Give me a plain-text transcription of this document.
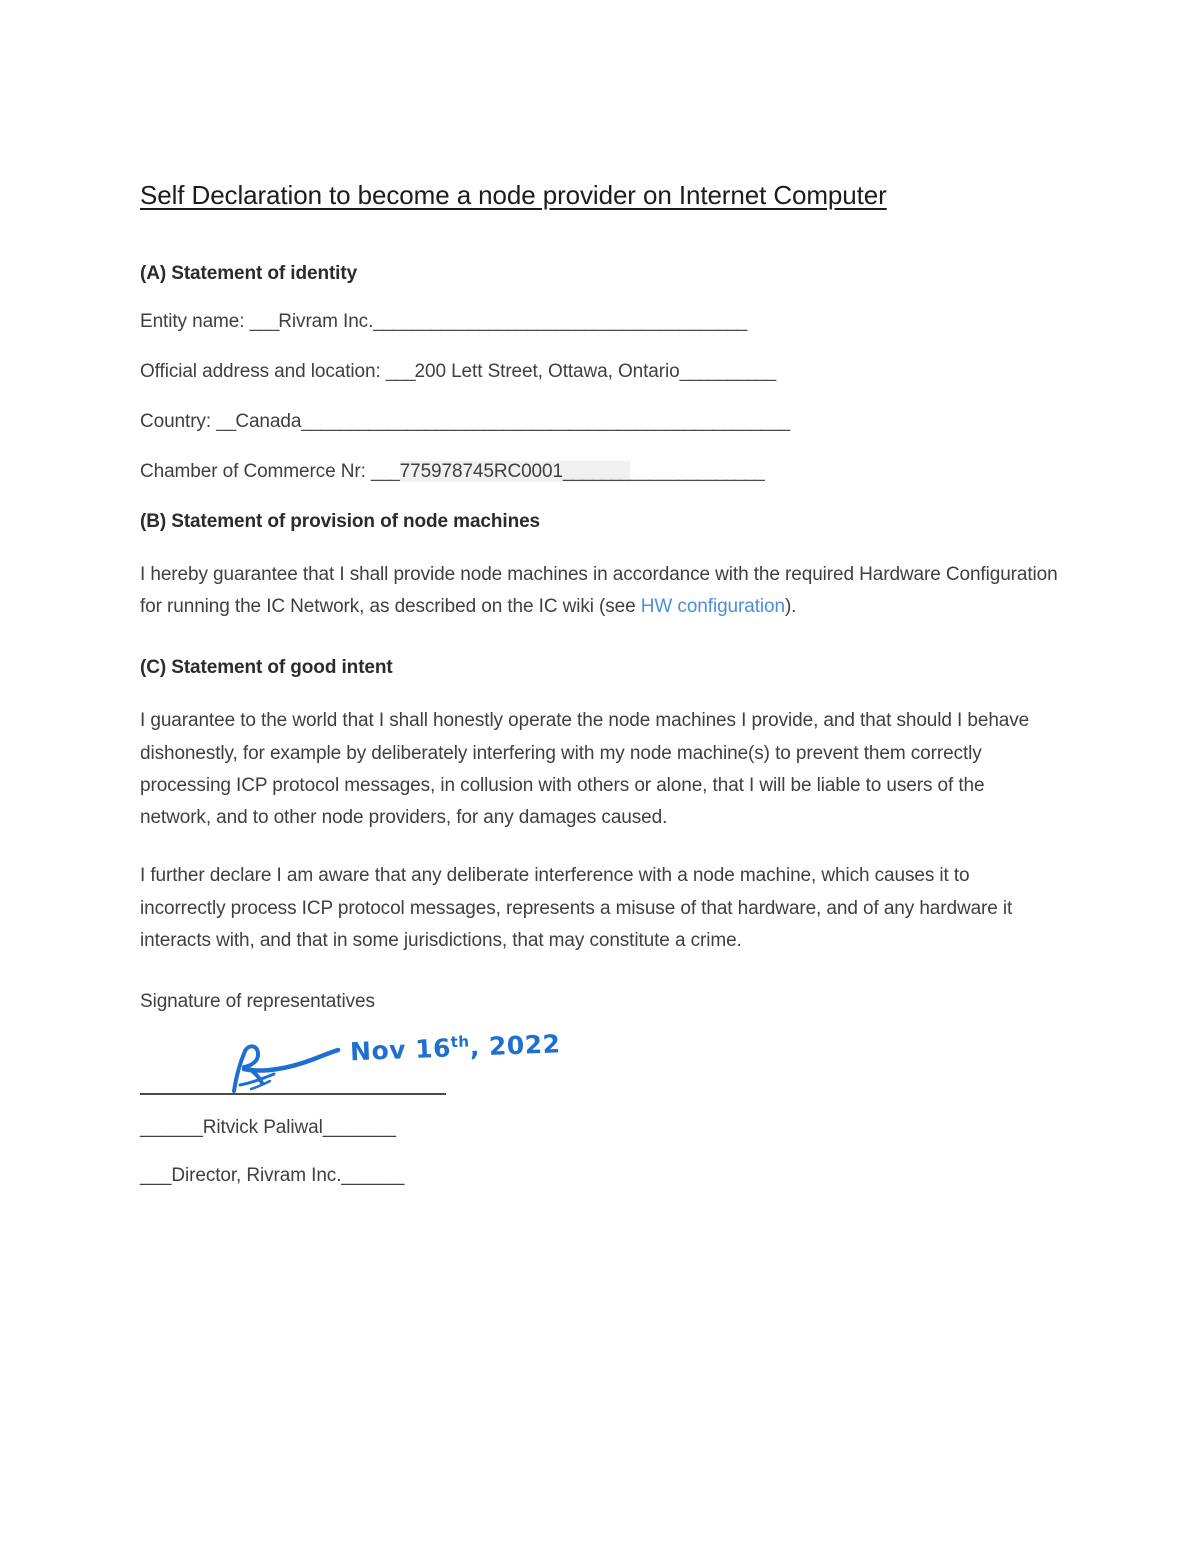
Self Declaration to become a node provider on Internet Computer
(A) Statement of identity

Entity name: ___Rivram Inc._______________________________________

Official address and location: ___200 Lett Street, Ottawa, Ontario__________

Country: __Canada___________________________________________________

Chamber of Commerce Nr: ___775978745RC0001_____________________

(B) Statement of provision of node machines

I hereby guarantee that I shall provide node machines in accordance with the required Hardware Configuration for running the IC Network, as described on the IC wiki (see HW configuration).

(C) Statement of good intent

I guarantee to the world that I shall honestly operate the node machines I provide, and that should I behave dishonestly, for example by deliberately interfering with my node machine(s) to prevent them correctly processing ICP protocol messages, in collusion with others or alone, that I will be liable to users of the network, and to other node providers, for any damages caused.

I further declare I am aware that any deliberate interference with a node machine, which causes it to incorrectly process ICP protocol messages, represents a misuse of that hardware, and of any hardware it interacts with, and that in some jurisdictions, that may constitute a crime.

Signature of representatives

Nov 16th, 2022

______Ritvick Paliwal_______

___Director, Rivram Inc.______
